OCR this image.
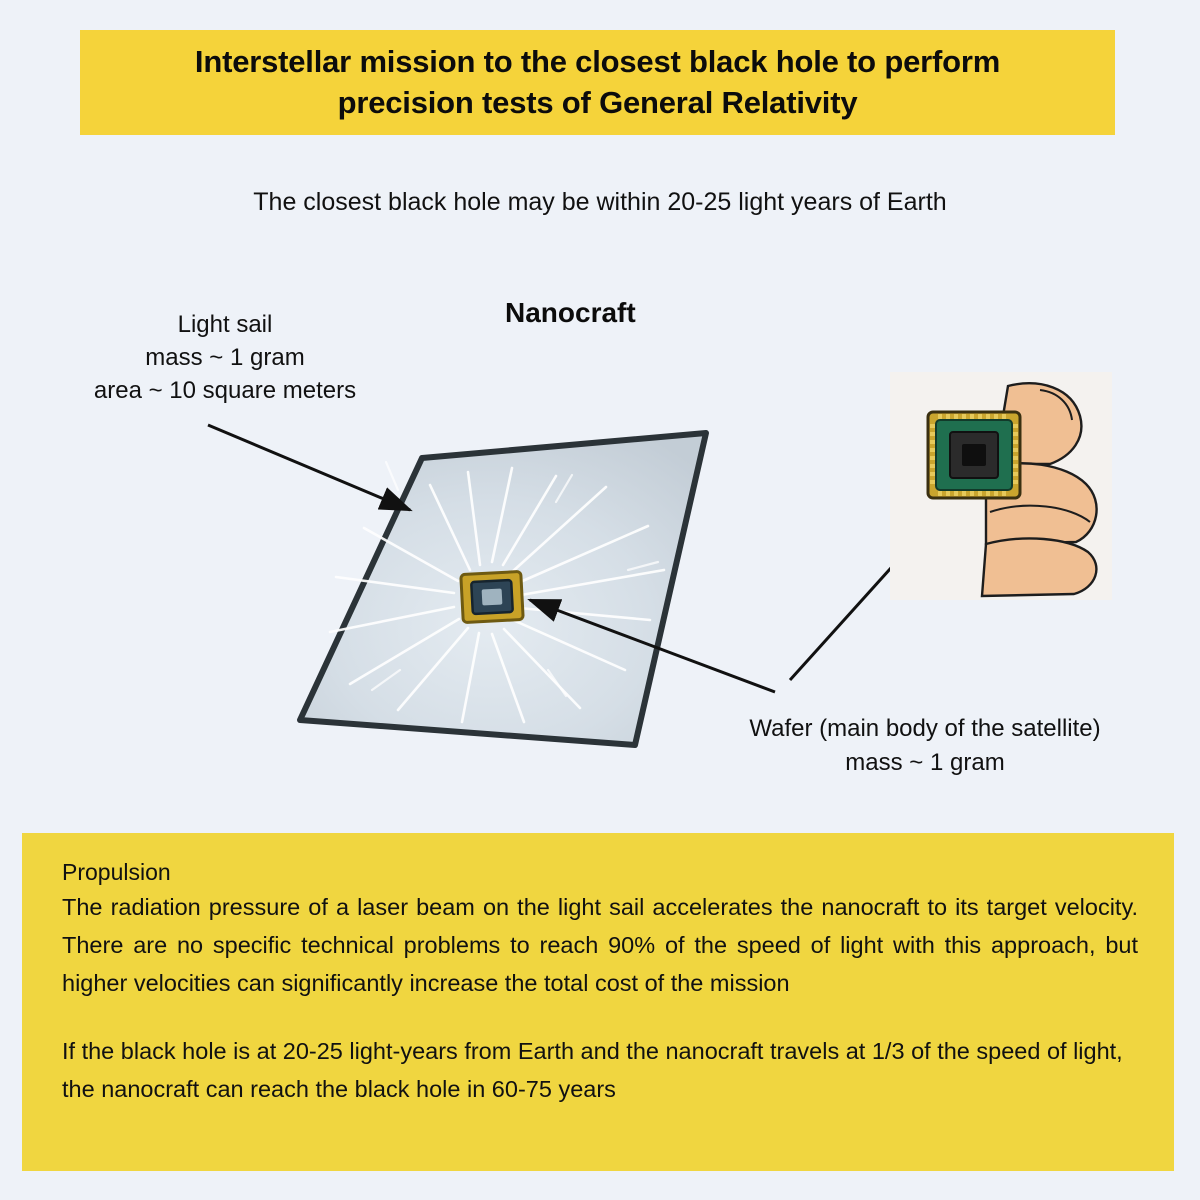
Interstellar mission to the closest black hole to perform
precision tests of General Relativity
The closest black hole may be within 20-25 light years of Earth
Nanocraft
Light sail
mass ~ 1 gram
area ~ 10 square meters
Wafer (main body of the satellite)
mass ~ 1 gram
Propulsion

The radiation pressure of a laser beam on the light sail accelerates the nanocraft to its target velocity. There are no specific technical problems to reach 90% of the speed of light with this approach, but higher velocities can significantly increase the total cost of the mission

If the black hole is at 20-25 light-years from Earth and the nanocraft travels at 1/3 of the speed of light, the nanocraft can reach the black hole in 60-75 years
